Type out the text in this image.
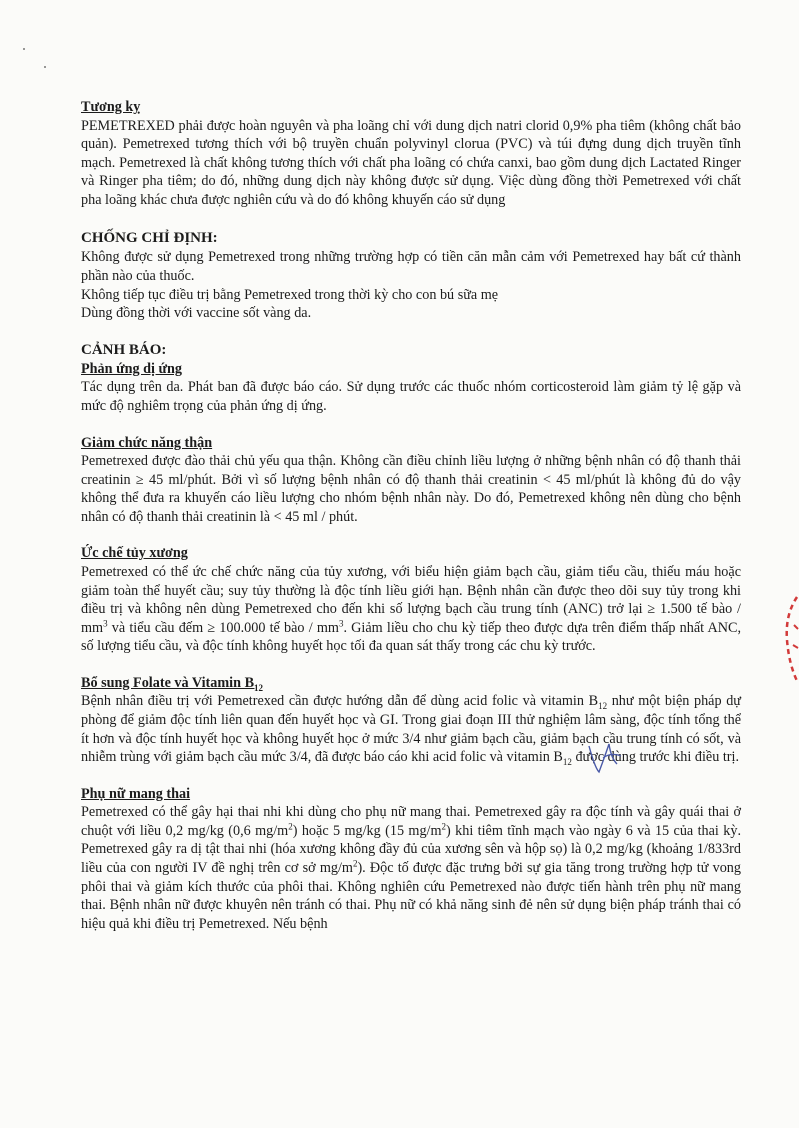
Tương kỵ

PEMETREXED phải được hoàn nguyên và pha loãng chỉ với dung dịch natri clorid 0,9% pha tiêm (không chất bảo quản). Pemetrexed tương thích với bộ truyền chuẩn polyvinyl clorua (PVC) và túi đựng dung dịch truyền tĩnh mạch. Pemetrexed là chất không tương thích với chất pha loãng có chứa canxi, bao gồm dung dịch Lactated Ringer và Ringer pha tiêm; do đó, những dung dịch này không được sử dụng. Việc dùng đồng thời Pemetrexed với chất pha loãng khác chưa được nghiên cứu và do đó không khuyến cáo sử dụng

CHỐNG CHỈ ĐỊNH:

Không được sử dụng Pemetrexed trong những trường hợp có tiền căn mẫn cảm với Pemetrexed hay bất cứ thành phần nào của thuốc.

Không tiếp tục điều trị bằng Pemetrexed trong thời kỳ cho con bú sữa mẹ

Dùng đồng thời với vaccine sốt vàng da.

CẢNH BÁO:
Phản ứng dị ứng

Tác dụng trên da. Phát ban đã được báo cáo. Sử dụng trước các thuốc nhóm corticosteroid làm giảm tỷ lệ gặp và mức độ nghiêm trọng của phản ứng dị ứng.

Giảm chức năng thận

Pemetrexed được đào thải chủ yếu qua thận. Không cần điều chỉnh liều lượng ở những bệnh nhân có độ thanh thải creatinin ≥ 45 ml/phút. Bởi vì số lượng bệnh nhân có độ thanh thải creatinin < 45 ml/phút là không đủ do vậy không thể đưa ra khuyến cáo liều lượng cho nhóm bệnh nhân này. Do đó, Pemetrexed không nên dùng cho bệnh nhân có độ thanh thải creatinin là < 45 ml / phút.

Ức chế tủy xương

Pemetrexed có thể ức chế chức năng của tủy xương, với biểu hiện giảm bạch cầu, giảm tiểu cầu, thiếu máu hoặc giảm toàn thể huyết cầu; suy tủy thường là độc tính liều giới hạn. Bệnh nhân cần được theo dõi suy tủy trong khi điều trị và không nên dùng Pemetrexed cho đến khi số lượng bạch cầu trung tính (ANC) trở lại ≥ 1.500 tế bào / $mm^3$ và tiểu cầu đếm ≥ 100.000 tế bào / $mm^3$. Giảm liều cho chu kỳ tiếp theo được dựa trên điểm thấp nhất ANC, số lượng tiểu cầu, và độc tính không huyết học tối đa quan sát thấy trong các chu kỳ trước.

Bổ sung Folate và Vitamin $B_{12}$

Bệnh nhân điều trị với Pemetrexed cần được hướng dẫn để dùng acid folic và vitamin $B_{12}$ như một biện pháp dự phòng để giảm độc tính liên quan đến huyết học và GI. Trong giai đoạn III thử nghiệm lâm sàng, độc tính tổng thể ít hơn và độc tính huyết học và không huyết học ở mức 3/4 như giảm bạch cầu, giảm bạch cầu trung tính có sốt, và nhiễm trùng với giảm bạch cầu mức 3/4, đã được báo cáo khi acid folic và vitamin $B_{12}$ được dùng trước khi điều trị.

Phụ nữ mang thai

Pemetrexed có thể gây hại thai nhi khi dùng cho phụ nữ mang thai. Pemetrexed gây ra độc tính và gây quái thai ở chuột với liều 0,2 mg/kg (0,6 $mg/m^2$) hoặc 5 mg/kg (15 $mg/m^2$) khi tiêm tĩnh mạch vào ngày 6 và 15 của thai kỳ. Pemetrexed gây ra dị tật thai nhi (hóa xương không đầy đủ của xương sên và hộp sọ) là 0,2 mg/kg (khoảng 1/833rd liều của con người IV đề nghị trên cơ sở $mg/m^2$). Độc tố được đặc trưng bởi sự gia tăng trong trường hợp tử vong phôi thai và giảm kích thước của phôi thai. Không nghiên cứu Pemetrexed nào được tiến hành trên phụ nữ mang thai. Bệnh nhân nữ được khuyên nên tránh có thai. Phụ nữ có khả năng sinh đẻ nên sử dụng biện pháp tránh thai có hiệu quả khi điều trị Pemetrexed. Nếu bệnh
